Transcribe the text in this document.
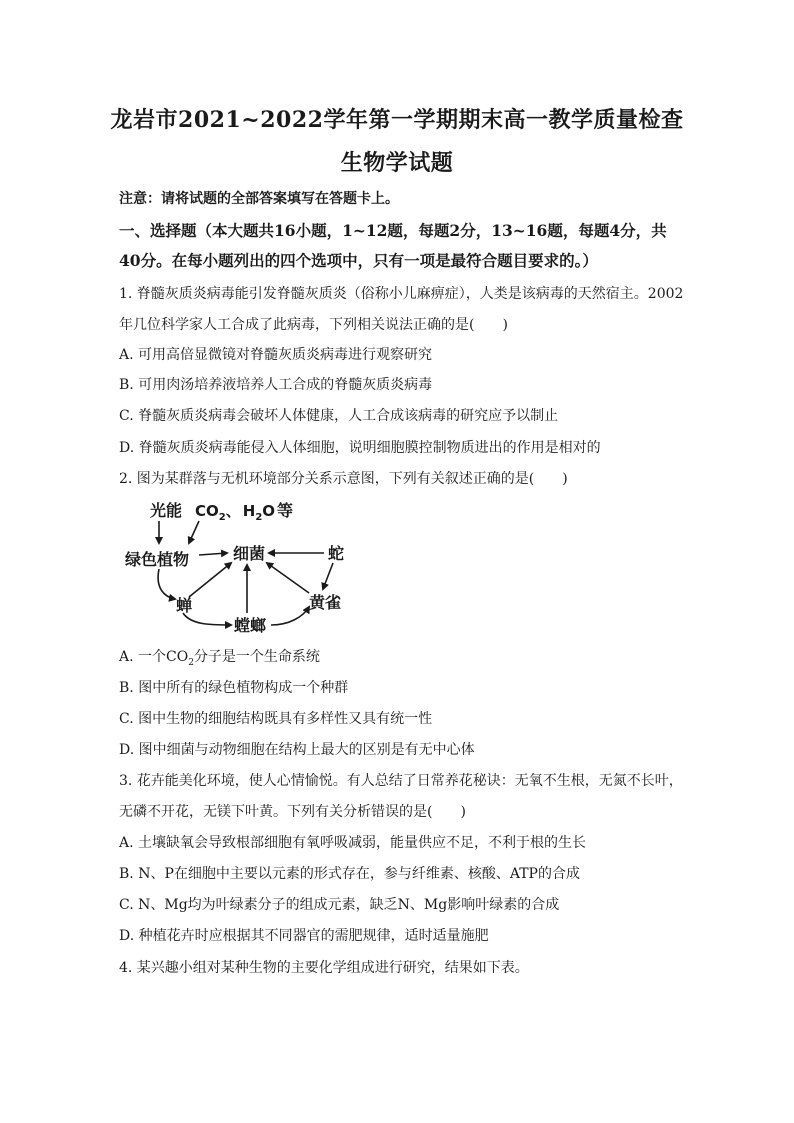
龙岩市2021~2022学年第一学期期末高一教学质量检查
生物学试题
注意：请将试题的全部答案填写在答题卡上。
一、选择题（本大题共16小题，1~12题，每题2分，13~16题，每题4分，共
40分。在每小题列出的四个选项中，只有一项是最符合题目要求的。）
1. 脊髓灰质炎病毒能引发脊髓灰质炎（俗称小儿麻痹症），人类是该病毒的天然宿主。2002
年几位科学家人工合成了此病毒，下列相关说法正确的是(　　)
A. 可用高倍显微镜对脊髓灰质炎病毒进行观察研究
B. 可用肉汤培养液培养人工合成的脊髓灰质炎病毒
C. 脊髓灰质炎病毒会破坏人体健康，人工合成该病毒的研究应予以制止
D. 脊髓灰质炎病毒能侵入人体细胞，说明细胞膜控制物质进出的作用是相对的
2. 图为某群落与无机环境部分关系示意图，下列有关叙述正确的是(　　)
光能 $CO_2$、 $H_2O$ 等
绿色植物	细菌	蛇
蝉
螳螂
黄雀
A. 一个$CO_2$分子是一个生命系统
B. 图中所有的绿色植物构成一个种群
C. 图中生物的细胞结构既具有多样性又具有统一性
D. 图中细菌与动物细胞在结构上最大的区别是有无中心体
3. 花卉能美化环境，使人心情愉悦。有人总结了日常养花秘诀：无氧不生根，无氮不长叶，
无磷不开花，无镁下叶黄。下列有关分析错误的是(　　)
A. 土壤缺氧会导致根部细胞有氧呼吸减弱，能量供应不足，不利于根的生长
B. N、P在细胞中主要以元素的形式存在，参与纤维素、核酸、ATP的合成
C. N、Mg均为叶绿素分子的组成元素，缺乏N、Mg影响叶绿素的合成
D. 种植花卉时应根据其不同器官的需肥规律，适时适量施肥
4. 某兴趣小组对某种生物的主要化学组成进行研究，结果如下表。
